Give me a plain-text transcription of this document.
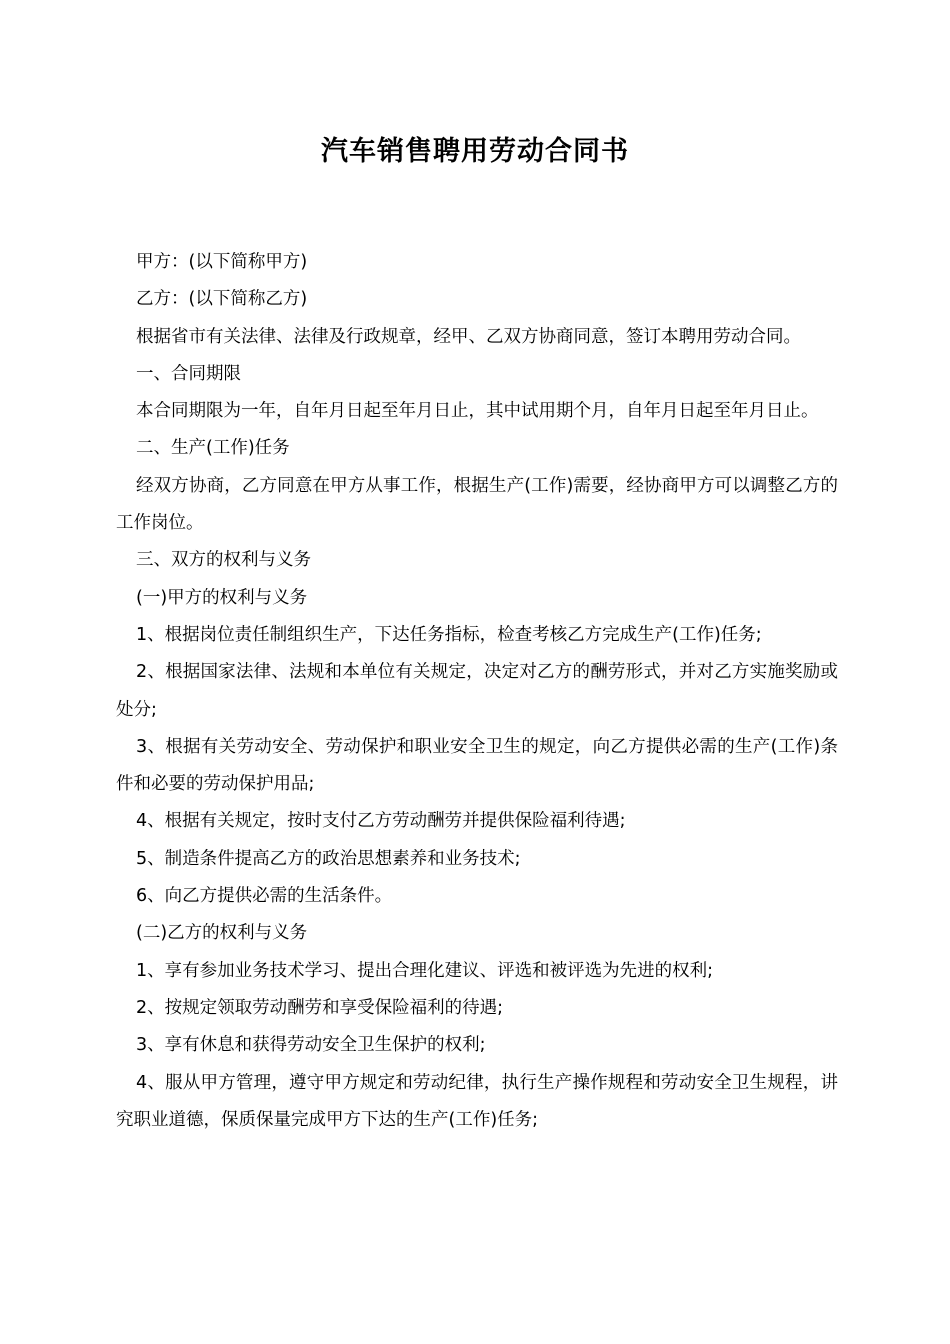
汽车销售聘用劳动合同书

甲方：(以下简称甲方)

乙方：(以下简称乙方)

根据省市有关法律、法律及行政规章，经甲、乙双方协商同意，签订本聘用劳动合同。

一、合同期限

本合同期限为一年，自年月日起至年月日止，其中试用期个月，自年月日起至年月日止。

二、生产(工作)任务

经双方协商，乙方同意在甲方从事工作，根据生产(工作)需要，经协商甲方可以调整乙方的工作岗位。

三、双方的权利与义务

(一)甲方的权利与义务

1、根据岗位责任制组织生产，下达任务指标，检查考核乙方完成生产(工作)任务;

2、根据国家法律、法规和本单位有关规定，决定对乙方的酬劳形式，并对乙方实施奖励或处分;

3、根据有关劳动安全、劳动保护和职业安全卫生的规定，向乙方提供必需的生产(工作)条件和必要的劳动保护用品;

4、根据有关规定，按时支付乙方劳动酬劳并提供保险福利待遇;

5、制造条件提高乙方的政治思想素养和业务技术;

6、向乙方提供必需的生活条件。

(二)乙方的权利与义务

1、享有参加业务技术学习、提出合理化建议、评选和被评选为先进的权利;

2、按规定领取劳动酬劳和享受保险福利的待遇;

3、享有休息和获得劳动安全卫生保护的权利;

4、服从甲方管理，遵守甲方规定和劳动纪律，执行生产操作规程和劳动安全卫生规程，讲究职业道德，保质保量完成甲方下达的生产(工作)任务;
